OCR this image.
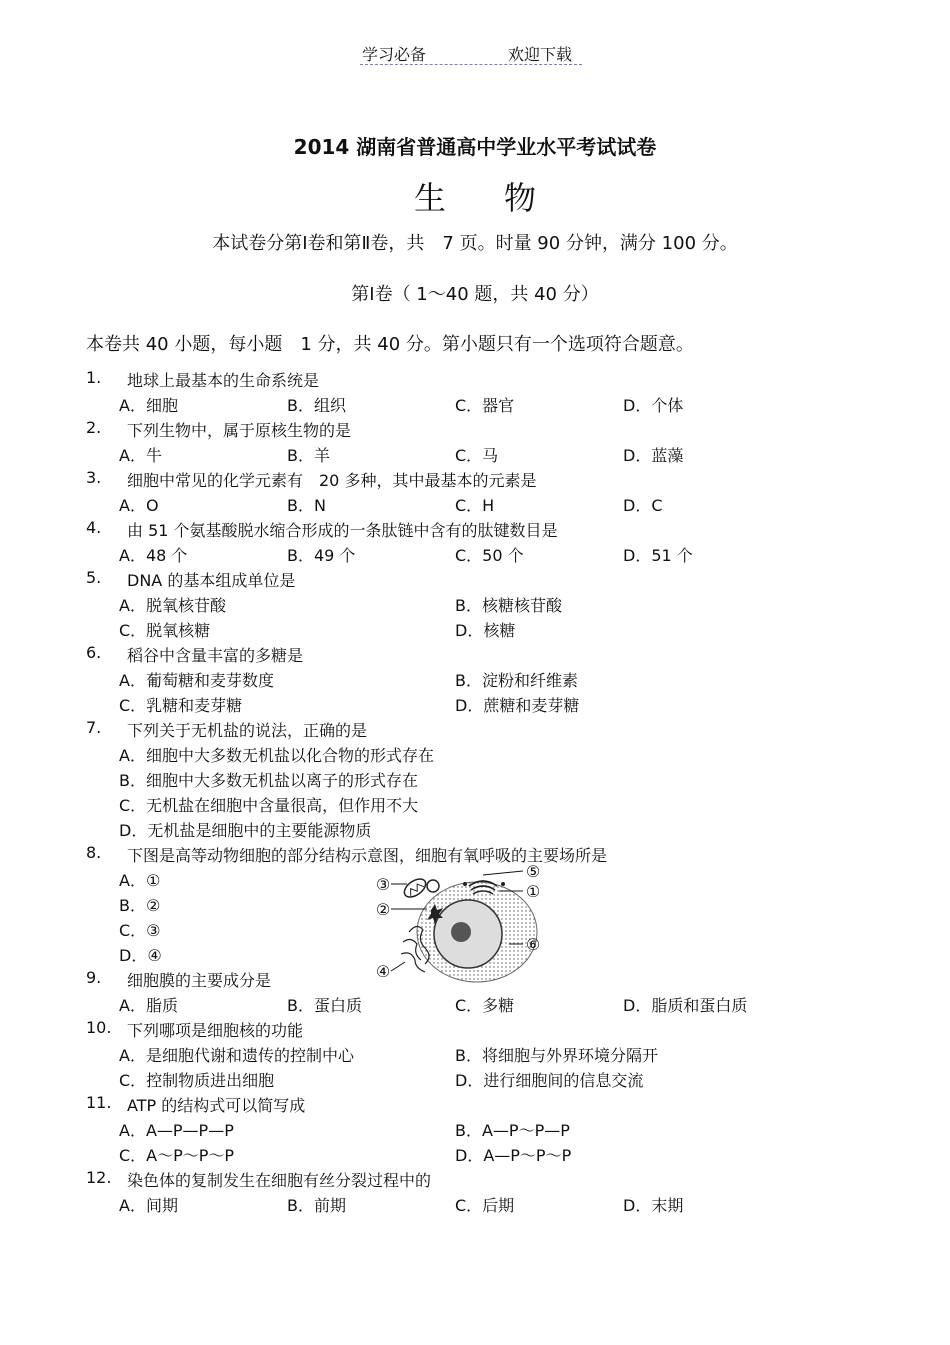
学习必备	欢迎下载
2014 湖南省普通高中学业水平考试试卷
生 物
本试卷分第Ⅰ卷和第Ⅱ卷，共　7 页。时量 90 分钟，满分 100 分。
第Ⅰ卷（ 1～40 题，共 40 分）
本卷共 40 小题，每小题　1 分，共 40 分。第小题只有一个选项符合题意。
1. 地球上最基本的生命系统是
A．细胞	B．组织	C．器官	D．个体
2. 下列生物中，属于原核生物的是
A．牛	B．羊	C．马	D．蓝藻
3. 细胞中常见的化学元素有　20 多种，其中最基本的元素是
A．O	B．N	C．H	D．C
4. 由 51 个氨基酸脱水缩合形成的一条肽链中含有的肽键数目是
A．48 个	B．49 个	C．50 个	D．51 个
5. DNA 的基本组成单位是
A．脱氧核苷酸	B．核糖核苷酸
C．脱氧核糖	D．核糖
6. 稻谷中含量丰富的多糖是
A．葡萄糖和麦芽数度	B．淀粉和纤维素
C．乳糖和麦芽糖	D．蔗糖和麦芽糖
7. 下列关于无机盐的说法，正确的是
A．细胞中大多数无机盐以化合物的形式存在
B．细胞中大多数无机盐以离子的形式存在
C．无机盐在细胞中含量很高，但作用不大
D．无机盐是细胞中的主要能源物质
8. 下图是高等动物细胞的部分结构示意图，细胞有氧呼吸的主要场所是
A．①
B．②
C．③
D．④
9. 细胞膜的主要成分是
A．脂质	B．蛋白质	C．多糖	D．脂质和蛋白质
10. 下列哪项是细胞核的功能
A．是细胞代谢和遗传的控制中心	B．将细胞与外界环境分隔开
C．控制物质进出细胞	D．进行细胞间的信息交流
11. ATP 的结构式可以简写成
A．A—P—P—P	B．A—P～P—P
C．A～P～P～P	D．A—P～P～P
12. 染色体的复制发生在细胞有丝分裂过程中的
A．间期	B．前期	C．后期	D．末期
③
②
④
⑤
①
⑥
